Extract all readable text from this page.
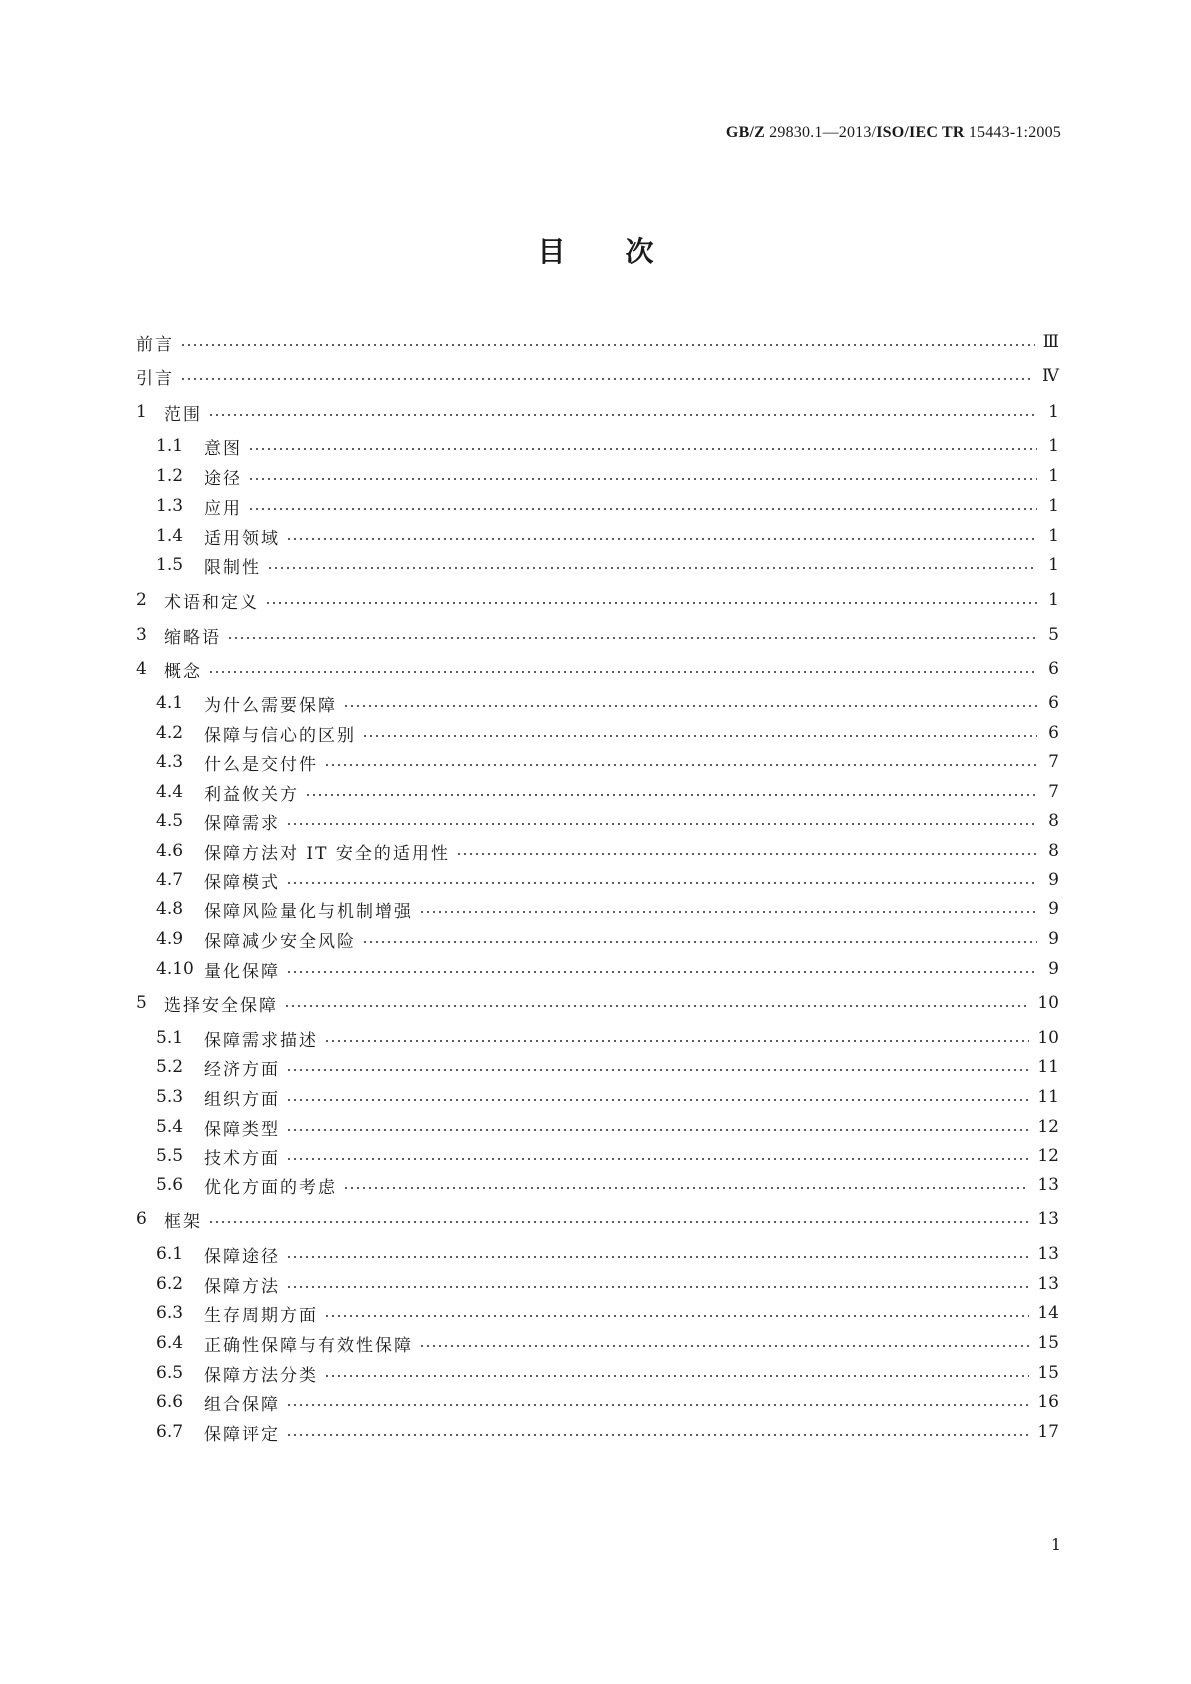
GB/Z 29830.1—2013/ISO/IEC TR 15443-1:2005
目次
前言	Ⅲ
引言	Ⅳ
1	范围	1
1.1	意图	1
1.2	途径	1
1.3	应用	1
1.4	适用领域	1
1.5	限制性	1
2	术语和定义	1
3	缩略语	5
4	概念	6
4.1	为什么需要保障	6
4.2	保障与信心的区别	6
4.3	什么是交付件	7
4.4	利益攸关方	7
4.5	保障需求	8
4.6	保障方法对 IT 安全的适用性	8
4.7	保障模式	9
4.8	保障风险量化与机制增强	9
4.9	保障减少安全风险	9
4.10 量化保障	9
5	选择安全保障	10
5.1	保障需求描述	10
5.2	经济方面	11
5.3	组织方面	11
5.4	保障类型	12
5.5	技术方面	12
5.6	优化方面的考虑	13
6	框架	13
6.1	保障途径	13
6.2	保障方法	13
6.3	生存周期方面	14
6.4	正确性保障与有效性保障	15
6.5	保障方法分类	15
6.6	组合保障	16
6.7	保障评定	17
1
